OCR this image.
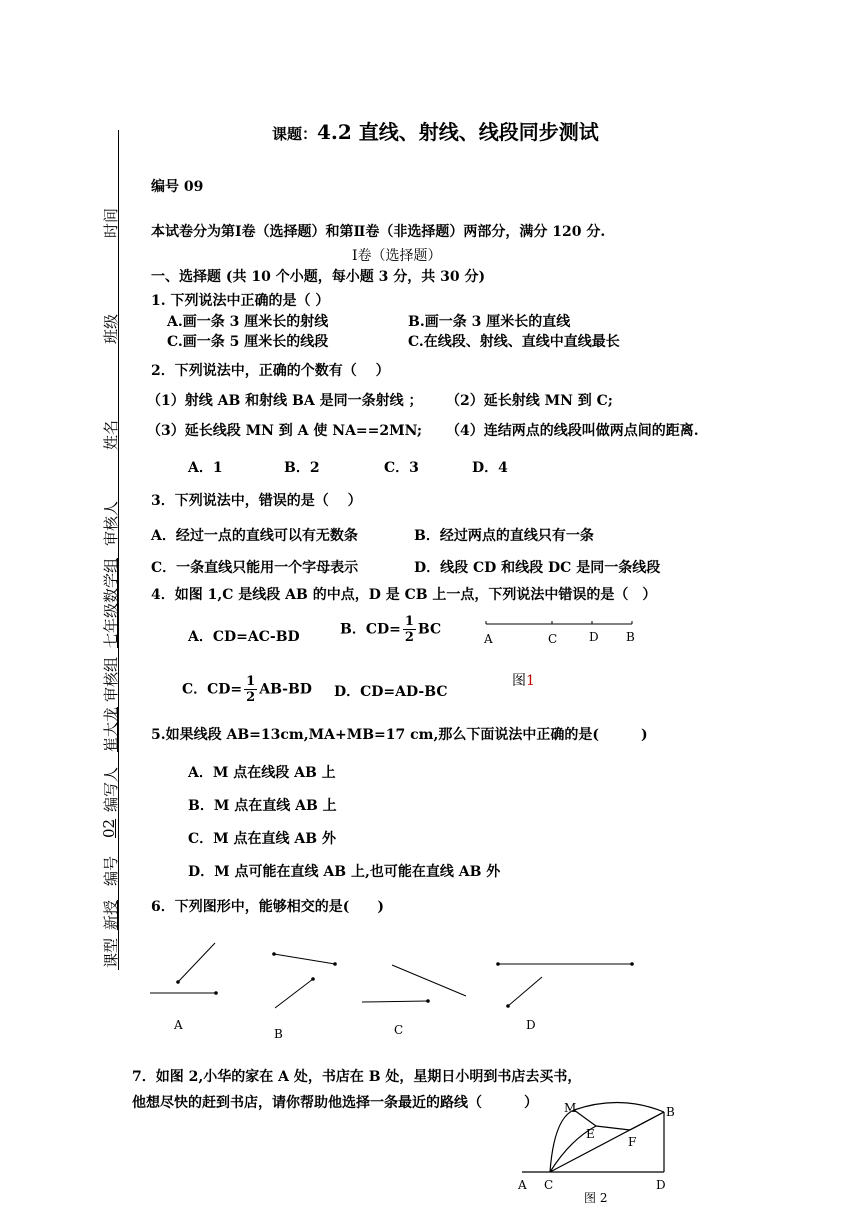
课型
新授
编号
02
编写人
崔大龙
审核组
七年级数学组
审核人
姓名
班级
时间
课题：4.2 直线、射线、线段同步测试
编号 09
本试卷分为第Ⅰ卷（选择题）和第Ⅱ卷（非选择题）两部分，满分 120 分.
Ⅰ卷（选择题）
一、选择题 (共 10 个小题，每小题 3 分，共 30 分)
1. 下列说法中正确的是（ ）
A.画一条 3 厘米长的射线	B.画一条 3 厘米长的直线
C.画一条 5 厘米长的线段	C.在线段、射线、直线中直线最长
2．下列说法中，正确的个数有（　 ）
（1）射线 AB 和射线 BA 是同一条射线 ； （2）延长射线 MN 到 C;
（3）延长线段 MN 到 A 使 NA==2MN; （4）连结两点的线段叫做两点间的距离.
A．1	B．2	C．3	D．4
3．下列说法中，错误的是（　 ）
A．经过一点的直线可以有无数条	B．经过两点的直线只有一条
C．一条直线只能用一个字母表示	D．线段 CD 和线段 DC 是同一条线段
4．如图 1,C 是线段 AB 的中点，D 是 CB 上一点，下列说法中错误的是（　）
A．CD=AC-BD	B．$CD= \frac{1}{2}$ BC
C．$CD= \frac{1}{2} AB-BD$ D．CD=AD-BC
A	C	D B
图1
5.如果线段 AB=13cm,MA+MB=17 cm,那么下面说法中正确的是(　　　)
A．M 点在线段 AB 上
B．M 点在直线 AB 上
C．M 点在直线 AB 外
D．M 点可能在直线 AB 上,也可能在直线 AB 外
6．下列图形中，能够相交的是(　　)
A
B	C	D
7．如图 2,小华的家在 A 处，书店在 B 处，星期日小明到书店去买书，
他想尽快的赶到书店，请你帮助他选择一条最近的路线（　　　） M	B
E
F
A C	D
图 2
